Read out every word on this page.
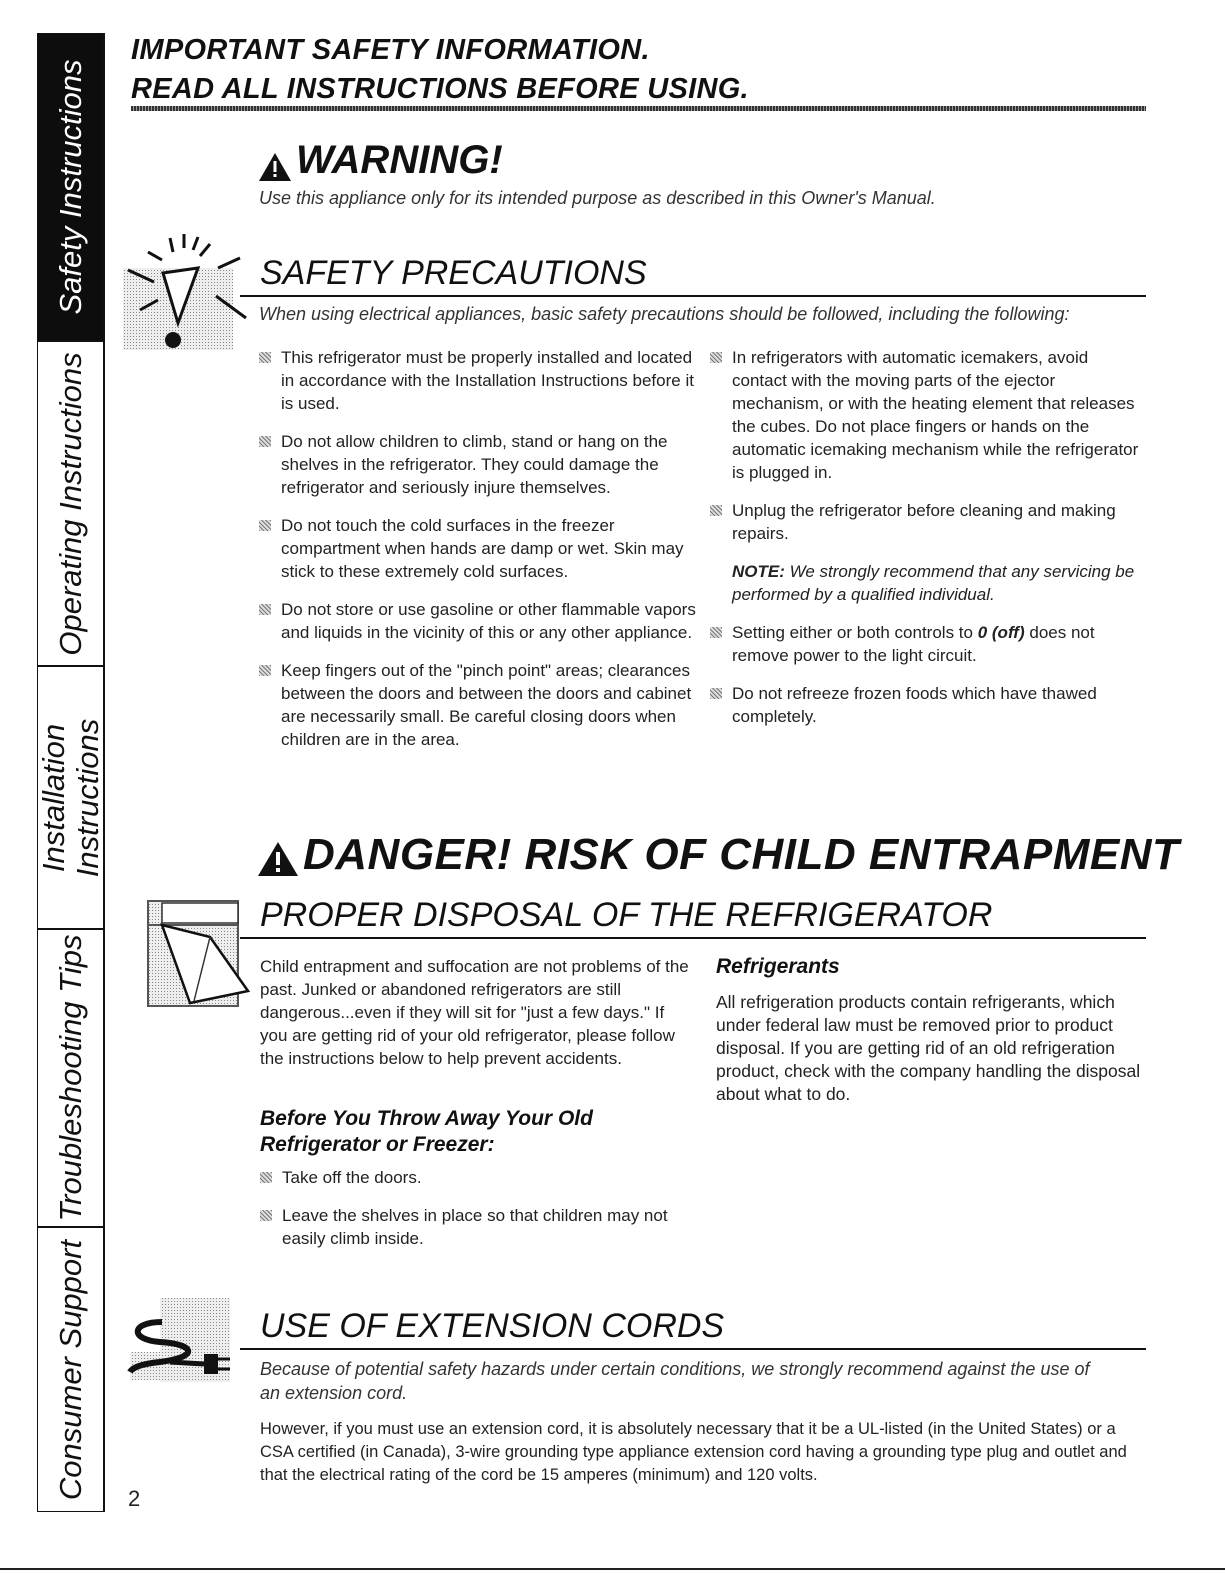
Safety Instructions
Operating Instructions
Installation Instructions
Troubleshooting Tips
Consumer Support
IMPORTANT SAFETY INFORMATION.
READ ALL INSTRUCTIONS BEFORE USING.
WARNING!
Use this appliance only for its intended purpose as described in this Owner's Manual.
SAFETY PRECAUTIONS
When using electrical appliances, basic safety precautions should be followed, including the following:
This refrigerator must be properly installed and located in accordance with the Installation Instructions before it is used.
Do not allow children to climb, stand or hang on the shelves in the refrigerator. They could damage the refrigerator and seriously injure themselves.
Do not touch the cold surfaces in the freezer compartment when hands are damp or wet. Skin may stick to these extremely cold surfaces.
Do not store or use gasoline or other flammable vapors and liquids in the vicinity of this or any other appliance.
Keep fingers out of the "pinch point" areas; clearances between the doors and between the doors and cabinet are necessarily small. Be careful closing doors when children are in the area.
In refrigerators with automatic icemakers, avoid contact with the moving parts of the ejector mechanism, or with the heating element that releases the cubes. Do not place fingers or hands on the automatic icemaking mechanism while the refrigerator is plugged in.
Unplug the refrigerator before cleaning and making repairs.
NOTE: We strongly recommend that any servicing be performed by a qualified individual.
Setting either or both controls to 0 (off) does not remove power to the light circuit.
Do not refreeze frozen foods which have thawed completely.
DANGER! RISK OF CHILD ENTRAPMENT
PROPER DISPOSAL OF THE REFRIGERATOR
Child entrapment and suffocation are not problems of the past. Junked or abandoned refrigerators are still dangerous...even if they will sit for "just a few days." If you are getting rid of your old refrigerator, please follow the instructions below to help prevent accidents.
Before You Throw Away Your Old Refrigerator or Freezer:
Take off the doors.
Leave the shelves in place so that children may not easily climb inside.
Refrigerants
All refrigeration products contain refrigerants, which under federal law must be removed prior to product disposal. If you are getting rid of an old refrigeration product, check with the company handling the disposal about what to do.
USE OF EXTENSION CORDS
Because of potential safety hazards under certain conditions, we strongly recommend against the use of an extension cord.
However, if you must use an extension cord, it is absolutely necessary that it be a UL-listed (in the United States) or a CSA certified (in Canada), 3-wire grounding type appliance extension cord having a grounding type plug and outlet and that the electrical rating of the cord be 15 amperes (minimum) and 120 volts.
2
